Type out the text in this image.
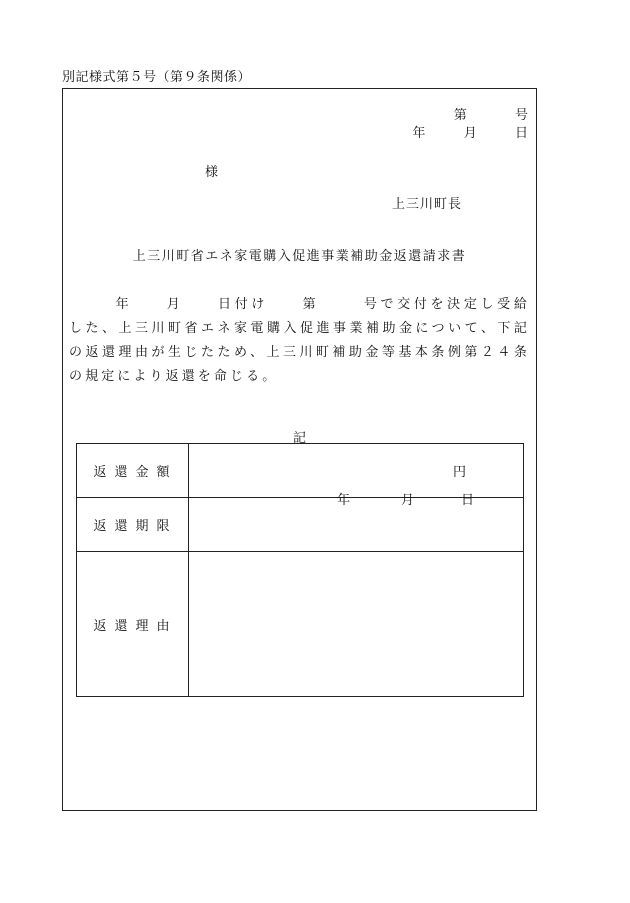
別記様式第５号（第９条関係）
第	号
年	月	日
様
上三川町長
上三川町省エネ家電購入促進事業補助金返還請求書
年	月	日付け	第	号で交付を決定し受給した、上三川町省エネ家電購入促進事業補助金について、下記の返還理由が生じたため、上三川町補助金等基本条例第２４条の規定により返還を命じる。
記
返還金額	円

返還期限	年 月 日

返還理由	
